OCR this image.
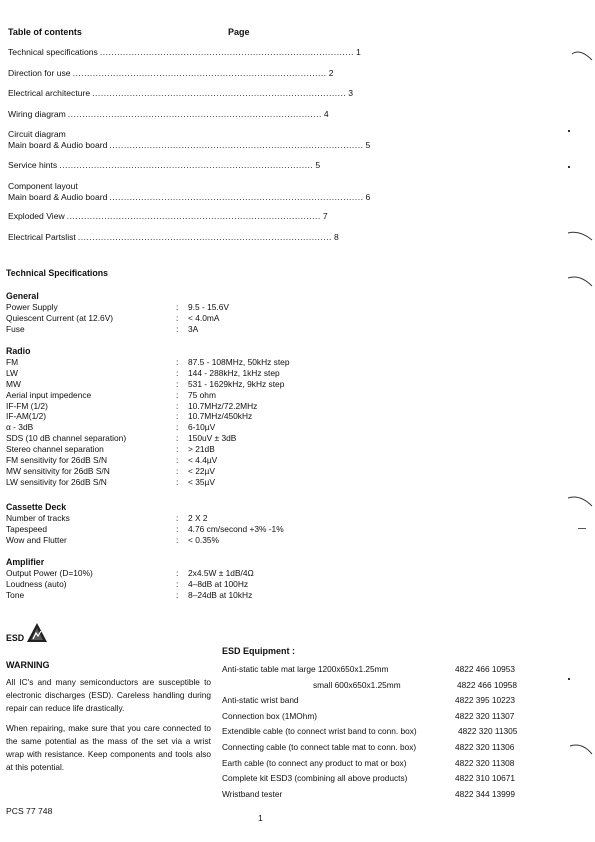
Table of contents	Page
Technical specifications ........................................................................................ 1
Direction for use ........................................................................................ 2
Electrical architecture ........................................................................................ 3
Wiring diagram ........................................................................................ 4
Circuit diagram
Main board & Audio board ........................................................................................ 5
Service hints ........................................................................................ 5
Component layout
Main board & Audio board ........................................................................................ 6
Exploded View ........................................................................................ 7
Electrical Partslist ........................................................................................ 8
Technical Specifications
General
Power Supply	: 9.5 - 15.6V
Quiescent Current (at 12.6V)	: < 4.0mA
Fuse	: 3A
Radio
FM	: 87.5 - 108MHz, 50kHz step
LW	: 144 - 288kHz, 1kHz step
MW	: 531 - 1629kHz, 9kHz step
Aerial input impedence	: 75 ohm
IF-FM (1/2)	: 10.7MHz/72.2MHz
IF-AM(1/2)	: 10.7MHz/450kHz
α - 3dB	: 6-10µV
SDS (10 dB channel separation)	: 150uV ± 3dB
Stereo channel separation	: > 21dB
FM sensitivity for 26dB S/N	: < 4.4µV
MW sensitivity for 26dB S/N	: < 22µV
LW sensitivity for 26dB S/N	: < 35µV
Cassette Deck
Number of tracks	: 2 X 2
Tapespeed	: 4.76 cm/second +3% -1%
Wow and Flutter	: < 0.35%
Amplifier
Output Power (D=10%)	: 2x4.5W ± 1dB/4Ω
Loudness (auto)	: 4–8dB at 100Hz
Tone	: 8–24dB at 10kHz
ESD
WARNING

All IC's and many semiconductors are susceptible to electronic discharges (ESD). Careless handling during repair can reduce life drastically.

When repairing, make sure that you care connected to the same potential as the mass of the set via a wrist wrap with resistance. Keep components and tools also at this potential.

ESD Equipment :
Anti-static table mat large 1200x650x1.25mm	4822 466 10953
small 600x650x1.25mm	4822 466 10958
Anti-static wrist band	4822 395 10223
Connection box (1MOhm)	4822 320 11307
Extendible cable (to connect wrist band to conn. box)	4822 320 11305
Connecting cable (to connect table mat to conn. box)	4822 320 11306
Earth cable (to connect any product to mat or box)	4822 320 11308
Complete kit ESD3 (combining all above products)	4822 310 10671
Wristband tester	4822 344 13999
PCS 77 748
1
